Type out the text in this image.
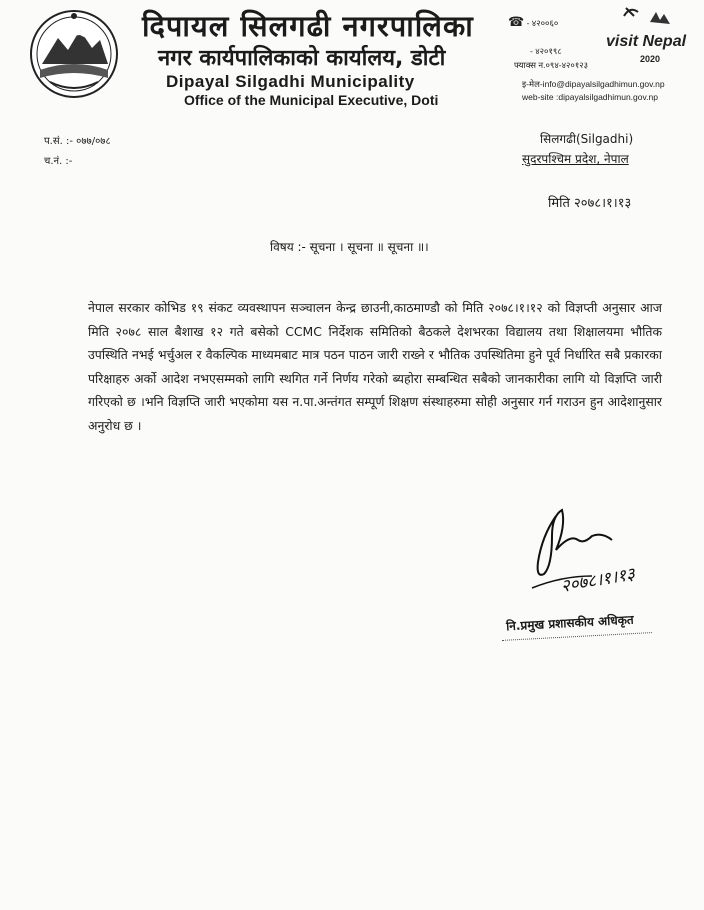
दिपायल सिलगढी नगरपालिका
नगर कार्यपालिकाको कार्यालय, डोटी
Dipayal Silgadhi Municipality
Office of the Municipal Executive, Doti
☎ - ४२००६०
- ४२०१९८
फ्याक्स न.०९४-४२०१२३
इ-मेल-info@dipayalsilgadhimun.gov.np
web-site :dipayalsilgadhimun.gov.np
visit Nepal
2020
प.सं. :- ०७७/०७८
च.नं. :-
सिलगढी(Silgadhi)
सुदरपश्चिम प्रदेश, नेपाल
मिति २०७८।१।१३
विषय :- सूचना । सूचना ॥ सूचना ॥।
नेपाल सरकार कोभिड १९ संकट व्यवस्थापन सञ्चालन केन्द्र छाउनी,काठमाण्डौ को मिति २०७८।१।१२ को विज्ञप्ती अनुसार आज मिति २०७८ साल बैशाख १२ गते बसेको CCMC निर्देशक समितिको बैठकले देशभरका विद्यालय तथा शिक्षालयमा भौतिक उपस्थिति नभई भर्चुअल र वैकल्पिक माध्यमबाट मात्र पठन पाठन जारी राख्ने र भौतिक उपस्थितिमा हुने पूर्व निर्धारित सबै प्रकारका परिक्षाहरु अर्को आदेश नभएसम्मको लागि स्थगित गर्ने निर्णय गरेको ब्यहोरा सम्बन्धित सबैको जानकारीका लागि यो विज्ञप्ति जारी गरिएको छ ।भनि विज्ञप्ति जारी भएकोमा यस न.पा.अन्तंगत सम्पूर्ण शिक्षण संस्थाहरुमा सोही अनुसार गर्न गराउन हुन आदेशानुसार अनुरोध छ ।
२०७८।१।१३
नि.प्रमुख प्रशासकीय अधिकृत
